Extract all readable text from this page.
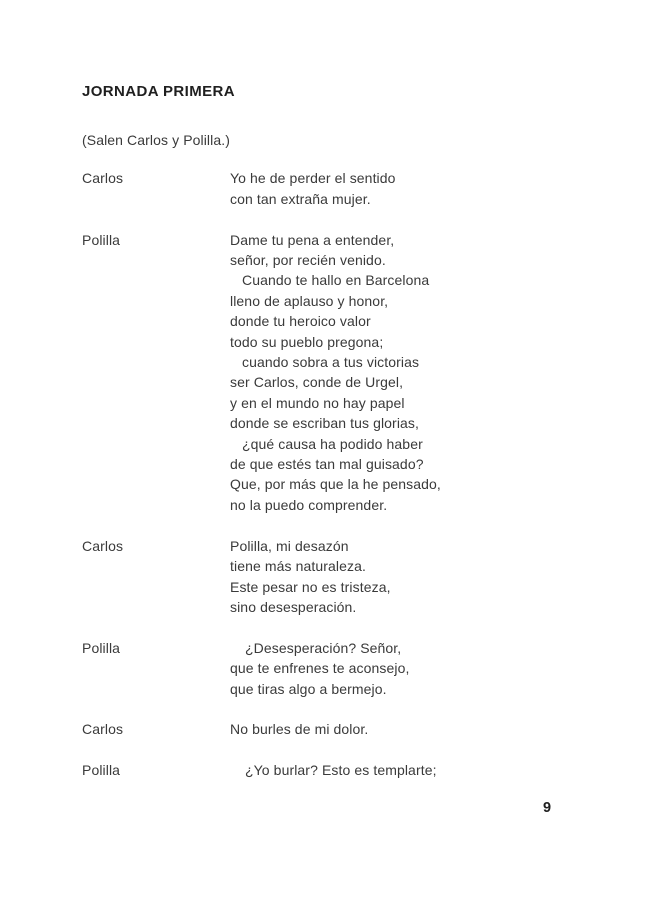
JORNADA PRIMERA

(Salen Carlos y Polilla.)

Carlos	Yo he de perder el sentido
con tan extraña mujer.
Polilla	Dame tu pena a entender,
señor, por recién venido.
Cuando te hallo en Barcelona
lleno de aplauso y honor,
donde tu heroico valor
todo su pueblo pregona;
cuando sobra a tus victorias
ser Carlos, conde de Urgel,
y en el mundo no hay papel
donde se escriban tus glorias,
¿qué causa ha podido haber
de que estés tan mal guisado?
Que, por más que la he pensado,
no la puedo comprender.
Carlos	Polilla, mi desazón
tiene más naturaleza.
Este pesar no es tristeza,
sino desesperación.
Polilla	¿Desesperación? Señor,
que te enfrenes te aconsejo,
que tiras algo a bermejo.
Carlos	No burles de mi dolor.
Polilla	¿Yo burlar? Esto es templarte;
9
